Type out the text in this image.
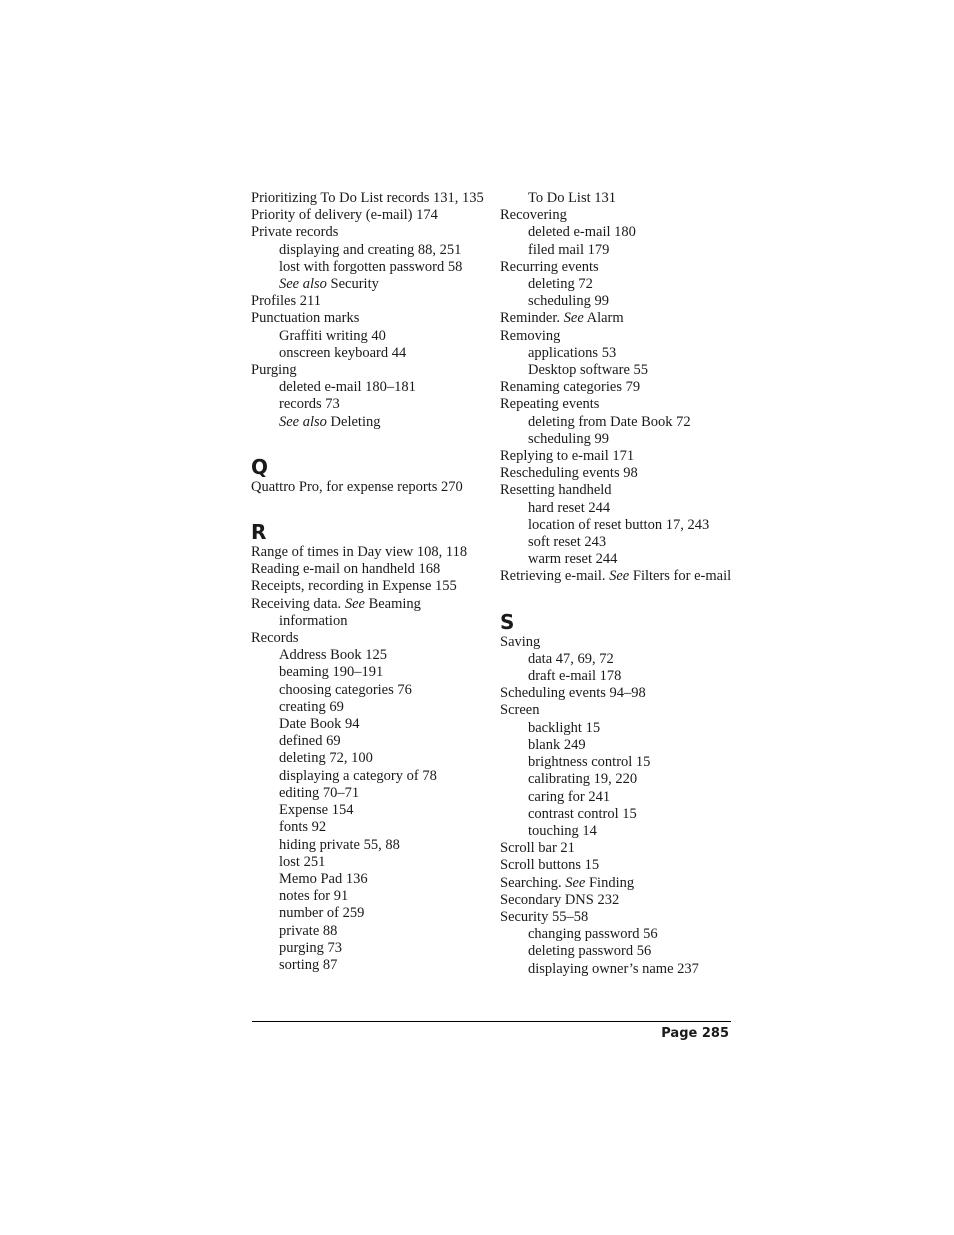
Prioritizing To Do List records 131, 135
Priority of delivery (e-mail) 174
Private records
displaying and creating 88, 251
lost with forgotten password 58
See also Security
Profiles 211
Punctuation marks
Graffiti writing 40
onscreen keyboard 44
Purging
deleted e-mail 180–181
records 73
See also Deleting
Q
Quattro Pro, for expense reports 270
R
Range of times in Day view 108, 118
Reading e-mail on handheld 168
Receipts, recording in Expense 155
Receiving data. See Beaming information
Records
Address Book 125
beaming 190–191
choosing categories 76
creating 69
Date Book 94
defined 69
deleting 72, 100
displaying a category of 78
editing 70–71
Expense 154
fonts 92
hiding private 55, 88
lost 251
Memo Pad 136
notes for 91
number of 259
private 88
purging 73
sorting 87
To Do List 131
Recovering
deleted e-mail 180
filed mail 179
Recurring events
deleting 72
scheduling 99
Reminder. See Alarm
Removing
applications 53
Desktop software 55
Renaming categories 79
Repeating events
deleting from Date Book 72
scheduling 99
Replying to e-mail 171
Rescheduling events 98
Resetting handheld
hard reset 244
location of reset button 17, 243
soft reset 243
warm reset 244
Retrieving e-mail. See Filters for e-mail
S
Saving
data 47, 69, 72
draft e-mail 178
Scheduling events 94–98
Screen
backlight 15
blank 249
brightness control 15
calibrating 19, 220
caring for 241
contrast control 15
touching 14
Scroll bar 21
Scroll buttons 15
Searching. See Finding
Secondary DNS 232
Security 55–58
changing password 56
deleting password 56
displaying owner’s name 237
Page 285
